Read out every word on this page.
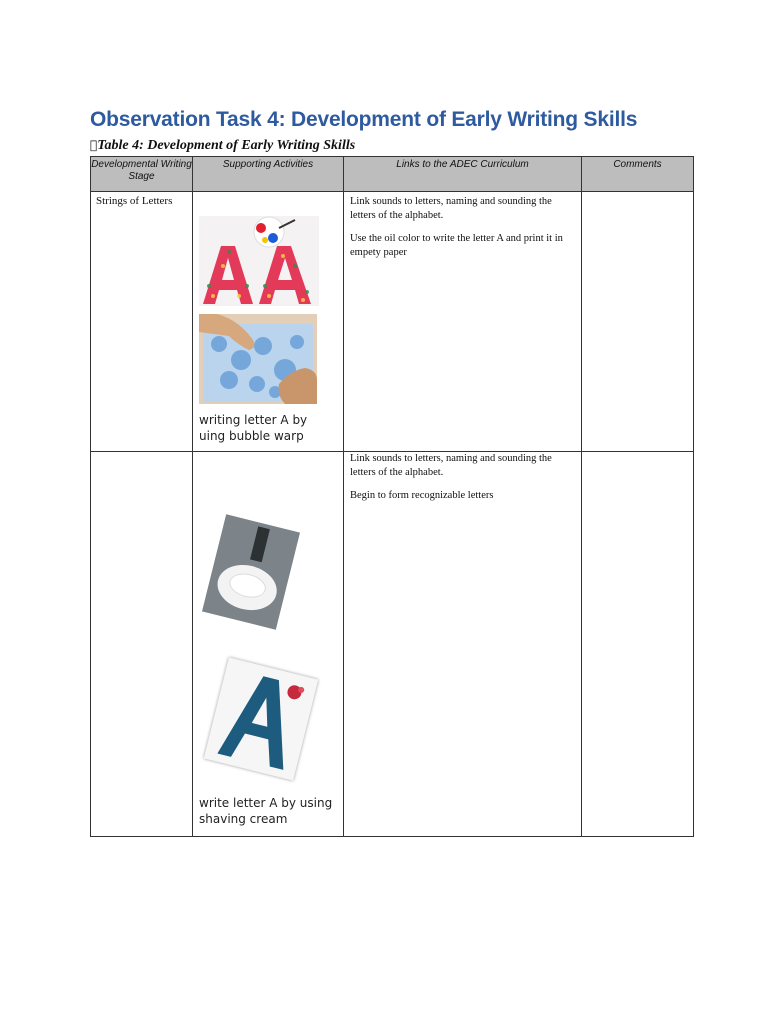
Observation Task 4: Development of Early Writing Skills
Table 4: Development of Early Writing Skills
Developmental Writing Stage	Supporting Activities	Links to the ADEC Curriculum	Comments
Strings of Letters	writing letter A by uing bubble warp	Link sounds to letters, naming and sounding the letters of the alphabet.

Use the oil color to write the letter A and print it in empety paper	

	write letter A by using shaving cream	Link sounds to letters, naming and sounding the letters of the alphabet.

Begin to form recognizable letters	
